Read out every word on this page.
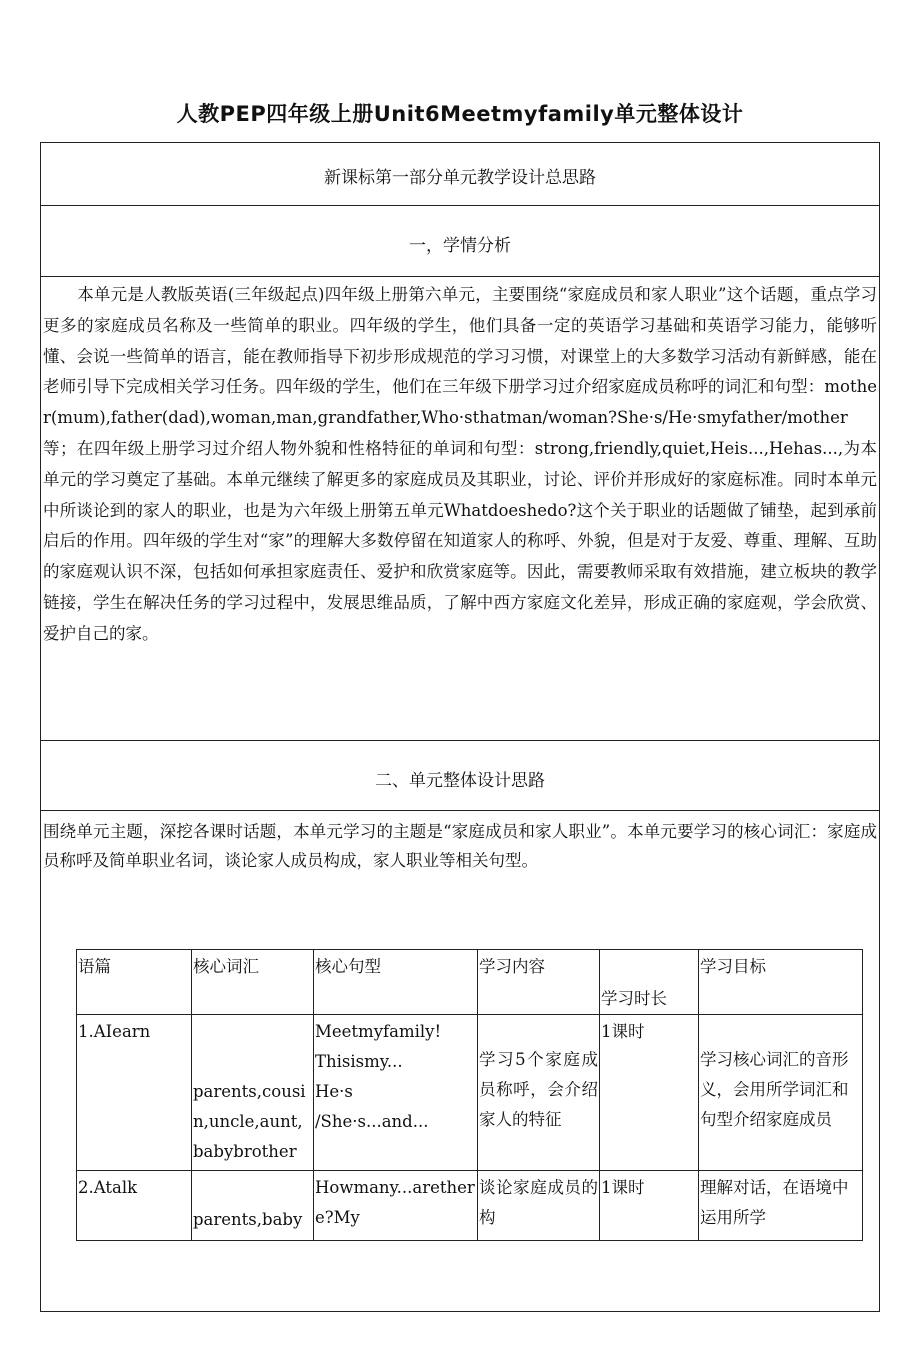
人教PEP四年级上册Unit6Meetmyfamily单元整体设计
新课标第一部分单元教学设计总思路
一，学情分析
本单元是人教版英语(三年级起点)四年级上册第六单元，主要围绕“家庭成员和家人职业”这个话题，重点学习更多的家庭成员名称及一些简单的职业。四年级的学生，他们具备一定的英语学习基础和英语学习能力，能够听懂、会说一些简单的语言，能在教师指导下初步形成规范的学习习惯，对课堂上的大多数学习活动有新鲜感，能在老师引导下完成相关学习任务。四年级的学生，他们在三年级下册学习过介绍家庭成员称呼的词汇和句型：mother(mum),father(dad),woman,man,grandfather,Who·sthatman/woman?She·s/He·smyfather/mother等；在四年级上册学习过介绍人物外貌和性格特征的单词和句型：strong,friendly,quiet,Heis...,Hehas...,为本单元的学习奠定了基础。本单元继续了解更多的家庭成员及其职业，讨论、评价并形成好的家庭标准。同时本单元中所谈论到的家人的职业，也是为六年级上册第五单元Whatdoeshedo?这个关于职业的话题做了铺垫，起到承前启后的作用。四年级的学生对“家”的理解大多数停留在知道家人的称呼、外貌，但是对于友爱、尊重、理解、互助的家庭观认识不深，包括如何承担家庭责任、爱护和欣赏家庭等。因此，需要教师采取有效措施，建立板块的教学链接，学生在解决任务的学习过程中，发展思维品质，了解中西方家庭文化差异，形成正确的家庭观，学会欣赏、爱护自己的家。
二、单元整体设计思路
围绕单元主题，深挖各课时话题，本单元学习的主题是“家庭成员和家人职业”。本单元要学习的核心词汇：家庭成员称呼及简单职业名词，谈论家人成员构成，家人职业等相关句型。
语篇	核心词汇	核心句型	学习内容	学习时长	学习目标
1.AIearn	parents,cousin,uncle,aunt,babybrother	Meetmyfamily!
Thisismy...
He·s
/She·s...and...	学习5个家庭成员称呼，会介绍家人的特征	1课时	学习核心词汇的音形义，会用所学词汇和句型介绍家庭成员

2.Atalk	parents,baby	Howmany...arethere?My	谈论家庭成员的构	1课时	理解对话，在语境中运用所学
